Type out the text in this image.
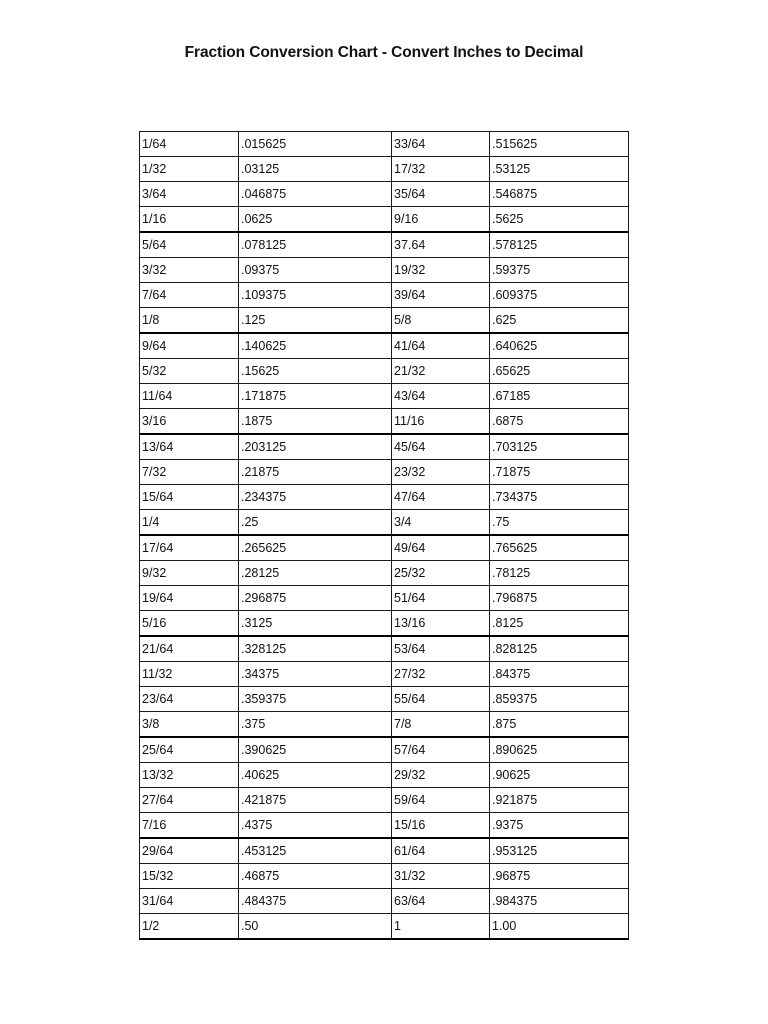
Fraction Conversion Chart - Convert Inches to Decimal
1/64	.015625	33/64	.515625
1/32	.03125	17/32	.53125
3/64	.046875	35/64	.546875
1/16	.0625	9/16	.5625
5/64	.078125	37.64	.578125
3/32	.09375	19/32	.59375
7/64	.109375	39/64	.609375
1/8	.125	5/8	.625
9/64	.140625	41/64	.640625
5/32	.15625	21/32	.65625
11/64	.171875	43/64	.67185
3/16	.1875	11/16	.6875
13/64	.203125	45/64	.703125
7/32	.21875	23/32	.71875
15/64	.234375	47/64	.734375
1/4	.25	3/4	.75
17/64	.265625	49/64	.765625
9/32	.28125	25/32	.78125
19/64	.296875	51/64	.796875
5/16	.3125	13/16	.8125
21/64	.328125	53/64	.828125
11/32	.34375	27/32	.84375
23/64	.359375	55/64	.859375
3/8	.375	7/8	.875
25/64	.390625	57/64	.890625
13/32	.40625	29/32	.90625
27/64	.421875	59/64	.921875
7/16	.4375	15/16	.9375
29/64	.453125	61/64	.953125
15/32	.46875	31/32	.96875
31/64	.484375	63/64	.984375
1/2	.50	1	1.00
